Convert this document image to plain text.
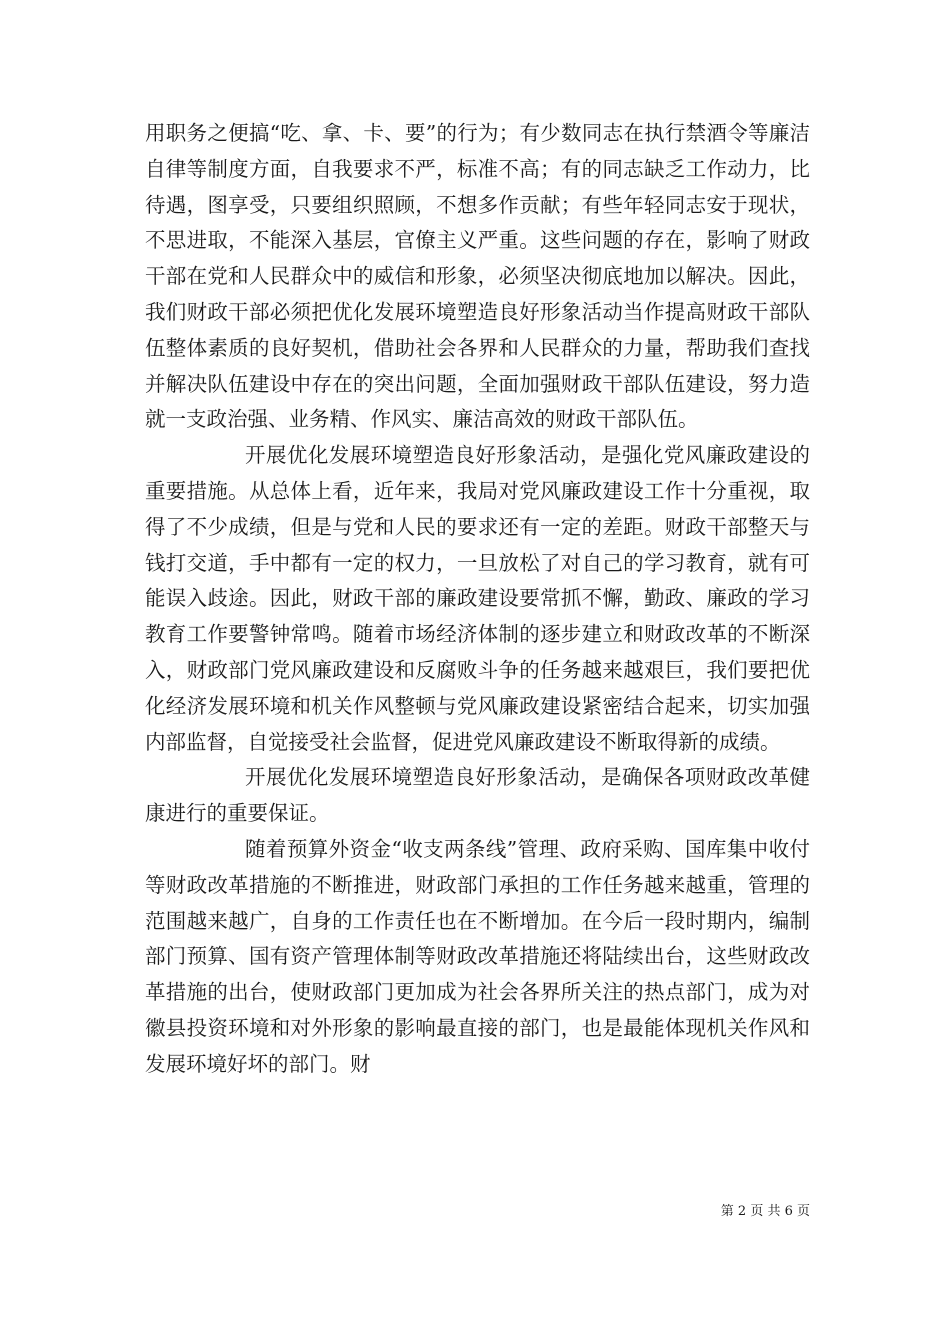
用职务之便搞“吃、拿、卡、要”的行为；有少数同志在执行禁酒令等廉洁自律等制度方面，自我要求不严，标准不高；有的同志缺乏工作动力，比待遇，图享受，只要组织照顾，不想多作贡献；有些年轻同志安于现状，不思进取，不能深入基层，官僚主义严重。这些问题的存在，影响了财政干部在党和人民群众中的威信和形象，必须坚决彻底地加以解决。因此，我们财政干部必须把优化发展环境塑造良好形象活动当作提高财政干部队伍整体素质的良好契机，借助社会各界和人民群众的力量，帮助我们查找并解决队伍建设中存在的突出问题，全面加强财政干部队伍建设，努力造就一支政治强、业务精、作风实、廉洁高效的财政干部队伍。

开展优化发展环境塑造良好形象活动，是强化党风廉政建设的重要措施。从总体上看，近年来，我局对党风廉政建设工作十分重视，取得了不少成绩，但是与党和人民的要求还有一定的差距。财政干部整天与钱打交道，手中都有一定的权力，一旦放松了对自己的学习教育，就有可能误入歧途。因此，财政干部的廉政建设要常抓不懈，勤政、廉政的学习教育工作要警钟常鸣。随着市场经济体制的逐步建立和财政改革的不断深入，财政部门党风廉政建设和反腐败斗争的任务越来越艰巨，我们要把优化经济发展环境和机关作风整顿与党风廉政建设紧密结合起来，切实加强内部监督，自觉接受社会监督，促进党风廉政建设不断取得新的成绩。

开展优化发展环境塑造良好形象活动，是确保各项财政改革健康进行的重要保证。

随着预算外资金“收支两条线”管理、政府采购、国库集中收付等财政改革措施的不断推进，财政部门承担的工作任务越来越重，管理的范围越来越广，自身的工作责任也在不断增加。在今后一段时期内，编制部门预算、国有资产管理体制等财政改革措施还将陆续出台，这些财政改革措施的出台，使财政部门更加成为社会各界所关注的热点部门，成为对徽县投资环境和对外形象的影响最直接的部门，也是最能体现机关作风和发展环境好坏的部门。财

第 2 页 共 6 页
